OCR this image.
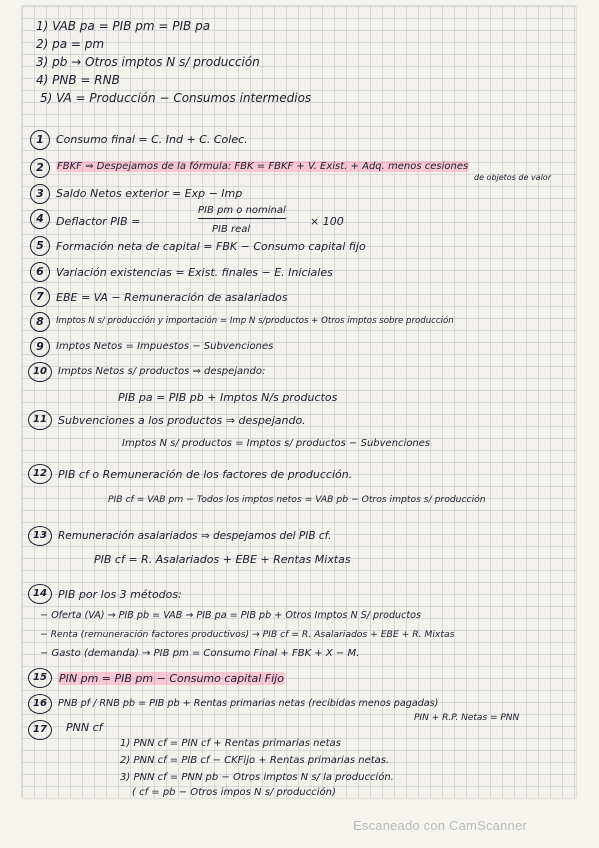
1) VAB pa = PIB pm = PIB pa
2) pa = pm
3) pb → Otros imptos N s/ producción
4) PNB = RNB
5) VA = Producción − Consumos intermedios
1	Consumo final = C. Ind + C. Colec.
2	FBKF ⇒ Despejamos de la fórmula: FBK = FBKF + V. Exist. + Adq. menos cesiones
de objetos de valor
3	Saldo Netos exterior = Exp − Imp
4	Deflactor PIB =
PIB pm o nominal
PIB real
× 100
5	Formación neta de capital = FBK − Consumo capital fijo
6	Variación existencias = Exist. finales − E. Iniciales
7	EBE = VA − Remuneración de asalariados
8	Imptos N s/ producción y importación = Imp N s/productos + Otros imptos sobre producción
9	Imptos Netos = Impuestos − Subvenciones
10	Imptos Netos s/ productos ⇒ despejando:
PIB pa = PIB pb + Imptos N/s productos
11	Subvenciones a los productos ⇒ despejando.
Imptos N s/ productos = Imptos s/ productos − Subvenciones
12	PIB cf o Remuneración de los factores de producción.
PIB cf = VAB pm − Todos los imptos netos = VAB pb − Otros imptos s/ producción
13	Remuneración asalariados ⇒ despejamos del PIB cf.
PIB cf = R. Asalariados + EBE + Rentas Mixtas
14	PIB por los 3 métodos:
− Oferta (VA) → PIB pb = VAB → PIB pa = PIB pb + Otros Imptos N S/ productos
− Renta (remuneración factores productivos) → PIB cf = R. Asalariados + EBE + R. Mixtas
− Gasto (demanda) → PIB pm = Consumo Final + FBK + X − M.
15	PIN pm = PIB pm − Consumo capital Fijo
16	PNB pf / RNB pb = PIB pb + Rentas primarias netas (recibidas menos pagadas)
PIN + R.P. Netas = PNN
17	PNN cf
1) PNN cf = PIN cf + Rentas primarias netas
2) PNN cf = PIB cf − CKFijo + Rentas primarias netas.
3) PNN cf = PNN pb − Otros imptos N s/ la producción.
( cf = pb − Otros impos N s/ producción)
Escaneado con CamScanner
